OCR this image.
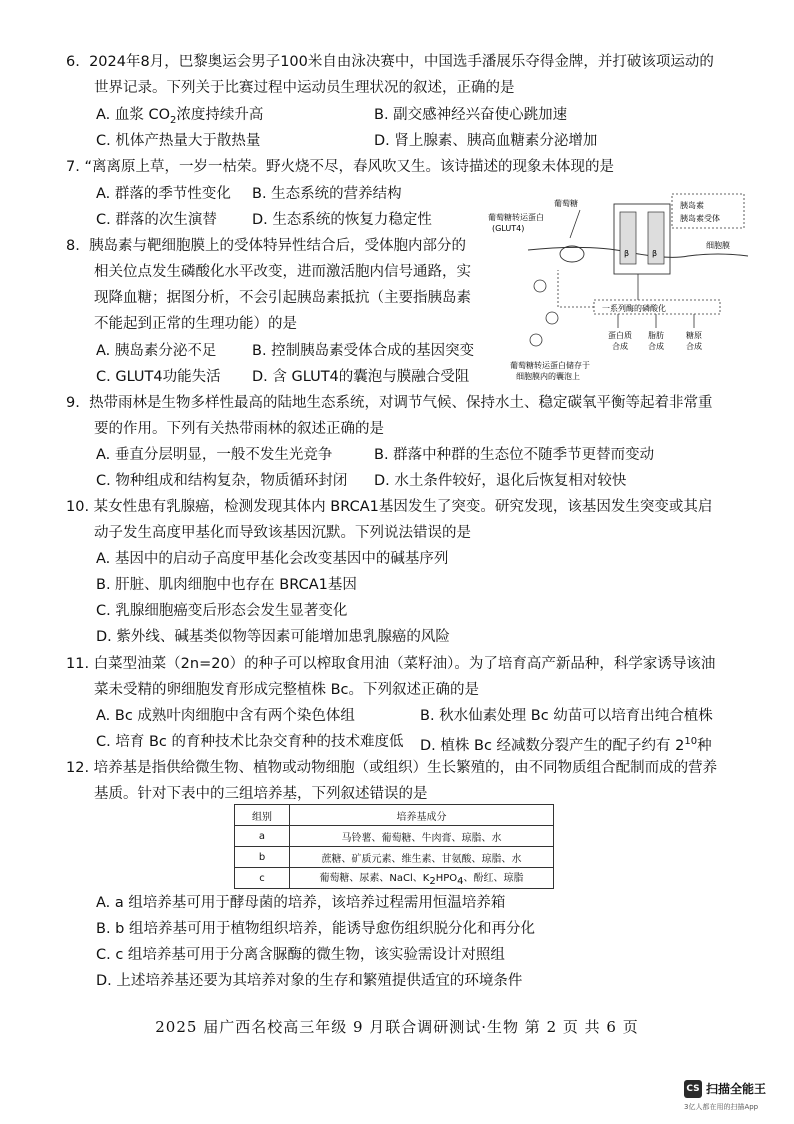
6. 2024年8月，巴黎奥运会男子100米自由泳决赛中，中国选手潘展乐夺得金牌，并打破该项运动的
世界记录。下列关于比赛过程中运动员生理状况的叙述，正确的是
A. 血浆 $CO_2$浓度持续升高	B. 副交感神经兴奋使心跳加速
C. 机体产热量大于散热量	D. 肾上腺素、胰高血糖素分泌增加
7. “离离原上草，一岁一枯荣。野火烧不尽，春风吹又生。该诗描述的现象未体现的是
A. 群落的季节性变化 B. 生态系统的营养结构
C. 群落的次生演替 D. 生态系统的恢复力稳定性
8. 胰岛素与靶细胞膜上的受体特异性结合后，受体胞内部分的
相关位点发生磷酸化水平改变，进而激活胞内信号通路，实
现降血糖；据图分析，不会引起胰岛素抵抗（主要指胰岛素
不能起到正常的生理功能）的是
A. 胰岛素分泌不足 B. 控制胰岛素受体合成的基因突变
C. GLUT4功能失活 D. 含 GLUT4的囊泡与膜融合受阻
葡萄糖
葡萄糖转运蛋白
(GLUT4)
胰岛素
胰岛素受体
细胞膜
β	β
一系列酶的磷酸化
蛋白质
合成
脂肪
合成
糖原
合成
葡萄糖转运蛋白储存于
细胞膜内的囊泡上
9. 热带雨林是生物多样性最高的陆地生态系统，对调节气候、保持水土、稳定碳氧平衡等起着非常重
要的作用。下列有关热带雨林的叙述正确的是
A. 垂直分层明显，一般不发生光竞争	B. 群落中种群的生态位不随季节更替而变动
C. 物种组成和结构复杂，物质循环封闭 D. 水土条件较好，退化后恢复相对较快
10. 某女性患有乳腺癌，检测发现其体内 BRCA1基因发生了突变。研究发现，该基因发生突变或其启
动子发生高度甲基化而导致该基因沉默。下列说法错误的是
A. 基因中的启动子高度甲基化会改变基因中的碱基序列
B. 肝脏、肌肉细胞中也存在 BRCA1基因
C. 乳腺细胞癌变后形态会发生显著变化
D. 紫外线、碱基类似物等因素可能增加患乳腺癌的风险
11. 白菜型油菜（2n=20）的种子可以榨取食用油（菜籽油）。为了培育高产新品种，科学家诱导该油
菜未受精的卵细胞发育形成完整植株 Bc。下列叙述正确的是
A. Bc 成熟叶肉细胞中含有两个染色体组	B. 秋水仙素处理 Bc 幼苗可以培育出纯合植株
C. 培育 Bc 的育种技术比杂交育种的技术难度低 D. 植株 Bc 经减数分裂产生的配子约有 $2^{10}$种
12. 培养基是指供给微生物、植物或动物细胞（或组织）生长繁殖的，由不同物质组合配制而成的营养
基质。针对下表中的三组培养基，下列叙述错误的是
组别	培养基成分
a	马铃薯、葡萄糖、牛肉膏、琼脂、水
b	蔗糖、矿质元素、维生素、甘氨酸、琼脂、水
c	葡萄糖、尿素、NaCl、$K_2HPO_4$、酚红、琼脂
A. a 组培养基可用于酵母菌的培养，该培养过程需用恒温培养箱
B. b 组培养基可用于植物组织培养，能诱导愈伤组织脱分化和再分化
C. c 组培养基可用于分离含脲酶的微生物，该实验需设计对照组
D. 上述培养基还要为其培养对象的生存和繁殖提供适宜的环境条件
2025 届广西名校高三年级 9 月联合调研测试·生物 第 2 页 共 6 页
CS 扫描全能王
3亿人都在用的扫描App
